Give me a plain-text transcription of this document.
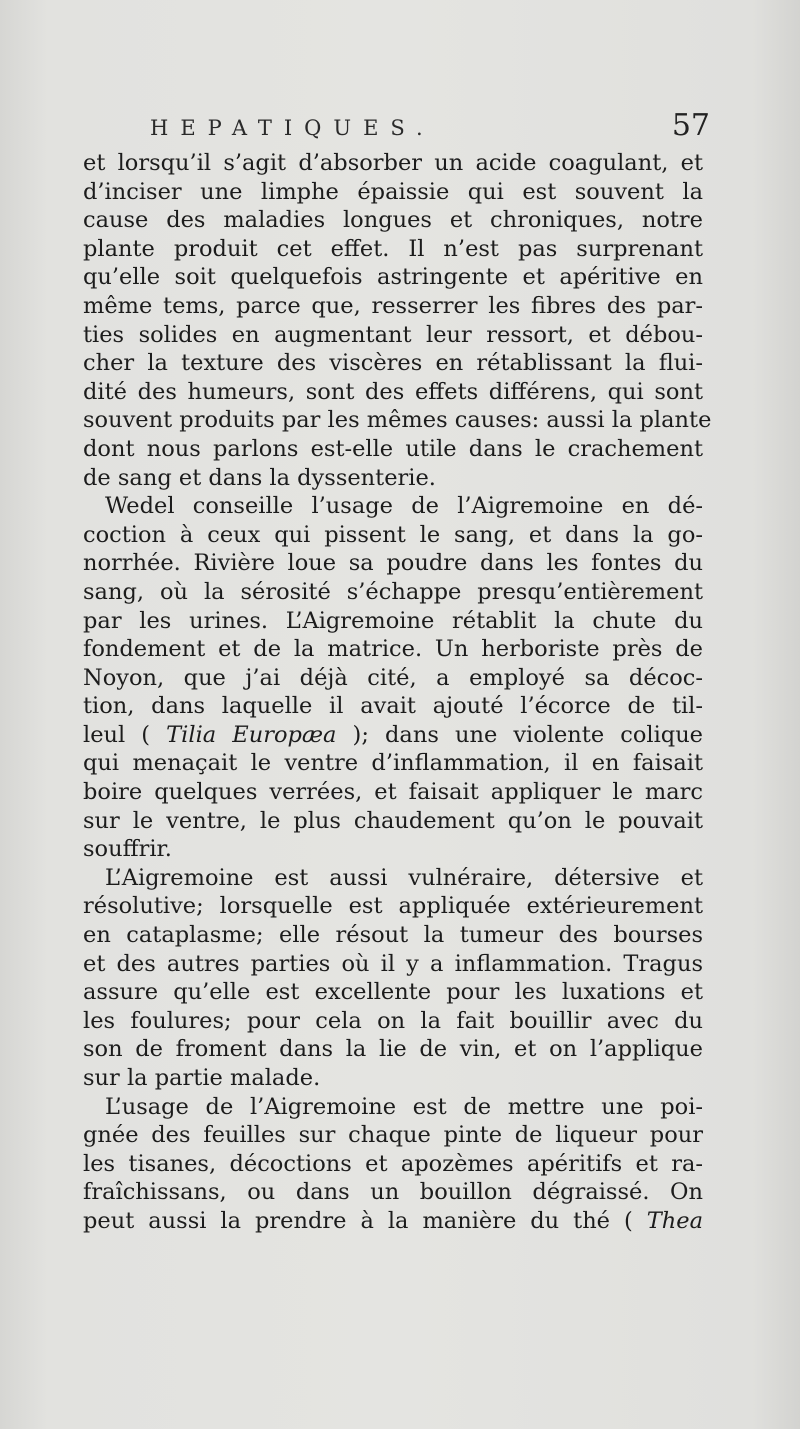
HEPATIQUES.	57
et lorsqu’il s’agit d’absorber un acide coagulant, et
d’inciser une limphe épaissie qui est souvent la
cause des maladies longues et chroniques, notre
plante produit cet effet. Il n’est pas surprenant
qu’elle soit quelquefois astringente et apéritive en
même tems, parce que, resserrer les fibres des par-
ties solides en augmentant leur ressort, et débou-
cher la texture des viscères en rétablissant la flui-
dité des humeurs, sont des effets différens, qui sont
souvent produits par les mêmes causes: aussi la plante
dont nous parlons est-elle utile dans le crachement
de sang et dans la dyssenterie.
Wedel conseille l’usage de l’Aigremoine en dé-
coction à ceux qui pissent le sang, et dans la go-
norrhée. Rivière loue sa poudre dans les fontes du
sang, où la sérosité s’échappe presqu’entièrement
par les urines. L’Aigremoine rétablit la chute du
fondement et de la matrice. Un herboriste près de
Noyon, que j’ai déjà cité, a employé sa décoc-
tion, dans laquelle il avait ajouté l’écorce de til-
leul ( Tilia Europæa ); dans une violente colique
qui menaçait le ventre d’inflammation, il en faisait
boire quelques verrées, et faisait appliquer le marc
sur le ventre, le plus chaudement qu’on le pouvait
souffrir.
L’Aigremoine est aussi vulnéraire, détersive et
résolutive; lorsquelle est appliquée extérieurement
en cataplasme; elle résout la tumeur des bourses
et des autres parties où il y a inflammation. Tragus
assure qu’elle est excellente pour les luxations et
les foulures; pour cela on la fait bouillir avec du
son de froment dans la lie de vin, et on l’applique
sur la partie malade.
L’usage de l’Aigremoine est de mettre une poi-
gnée des feuilles sur chaque pinte de liqueur pour
les tisanes, décoctions et apozèmes apéritifs et ra-
fraîchissans, ou dans un bouillon dégraissé. On
peut aussi la prendre à la manière du thé ( Thea
